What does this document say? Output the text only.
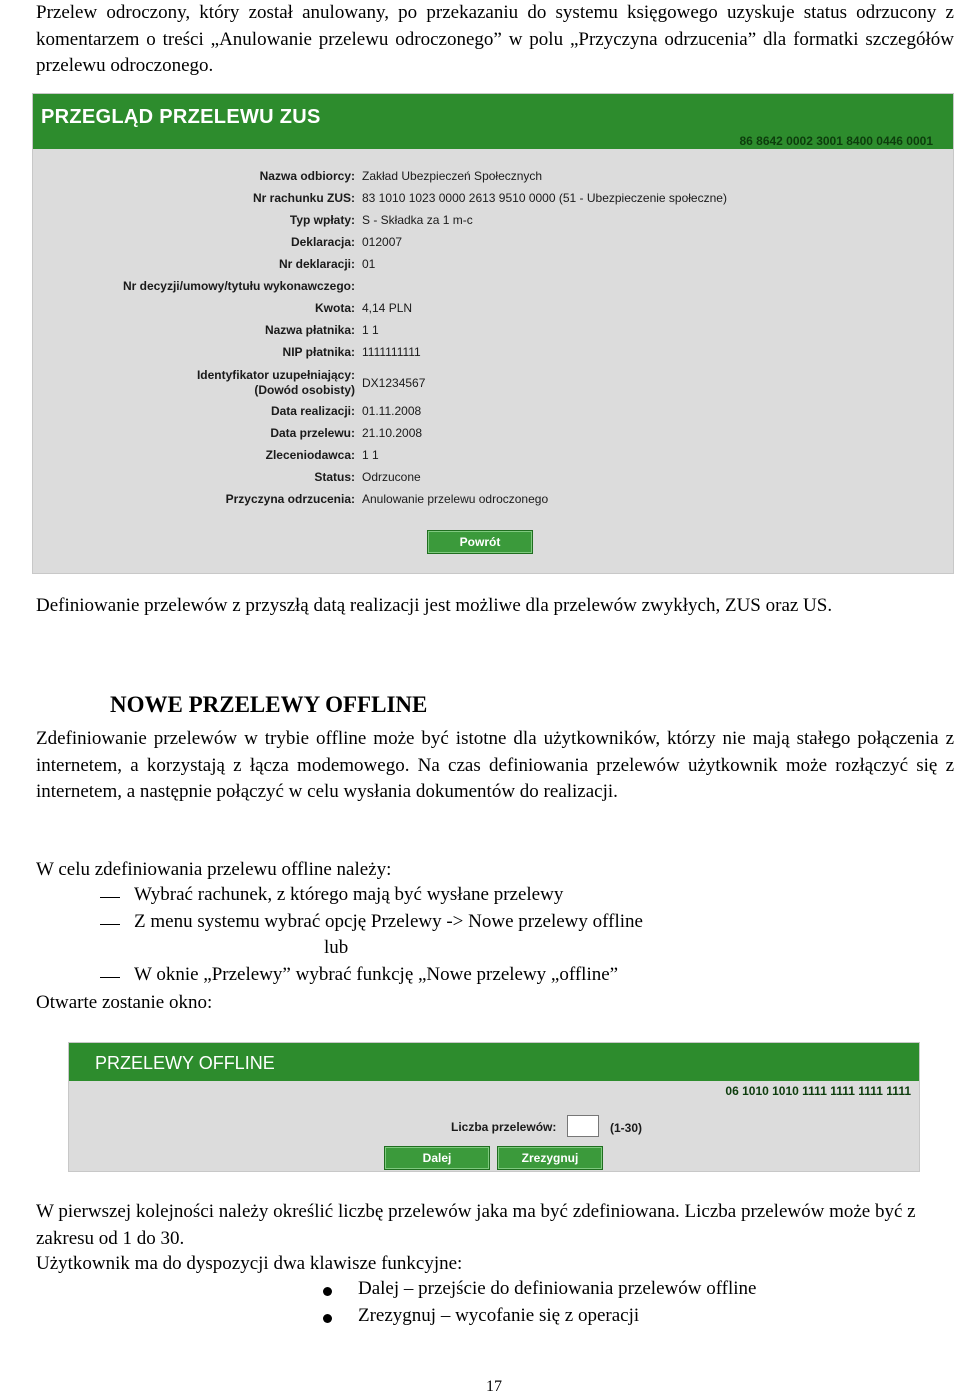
Przelew odroczony, który został anulowany, po przekazaniu do systemu księgowego uzyskuje status odrzucony z komentarzem o treści „Anulowanie przelewu odroczonego” w polu „Przyczyna odrzucenia” dla formatki szczegółów przelewu odroczonego.
PRZEGLĄD PRZELEWU ZUS
86 8642 0002 3001 8400 0446 0001
Nazwa odbiorcy: Zakład Ubezpieczeń Społecznych
Nr rachunku ZUS: 83 1010 1023 0000 2613 9510 0000 (51 - Ubezpieczenie społeczne)
Typ wpłaty: S - Składka za 1 m-c
Deklaracja: 012007
Nr deklaracji: 01
Nr decyzji/umowy/tytułu wykonawczego:
Kwota: 4,14 PLN
Nazwa płatnika: 1 1
NIP płatnika: 1111111111
Identyfikator uzupełniający:
(Dowód osobisty) DX1234567
Data realizacji: 01.11.2008
Data przelewu: 21.10.2008
Zleceniodawca: 1 1
Status: Odrzucone
Przyczyna odrzucenia: Anulowanie przelewu odroczonego
Powrót
Definiowanie przelewów z przyszłą datą realizacji jest możliwe dla przelewów zwykłych, ZUS oraz US.
NOWE PRZELEWY OFFLINE
Zdefiniowanie przelewów w trybie offline może być istotne dla użytkowników, którzy nie mają stałego połączenia z internetem, a korzystają z łącza modemowego. Na czas definiowania przelewów użytkownik może rozłączyć się z internetem, a następnie połączyć w celu wysłania dokumentów do realizacji.
W celu zdefiniowania przelewu offline należy:
Wybrać rachunek, z którego mają być wysłane przelewy
Z menu systemu wybrać opcję Przelewy -> Nowe przelewy offline
lub
W oknie „Przelewy” wybrać funkcję „Nowe przelewy „offline”
Otwarte zostanie okno:
PRZELEWY OFFLINE
06 1010 1010 1111 1111 1111 1111
Liczba przelewów:	(1-30)
Dalej	Zrezygnuj
W pierwszej kolejności należy określić liczbę przelewów jaka ma być zdefiniowana. Liczba przelewów może być z zakresu od 1 do 30.
Użytkownik ma do dyspozycji dwa klawisze funkcyjne:
Dalej – przejście do definiowania przelewów offline
Zrezygnuj – wycofanie się z operacji
17
